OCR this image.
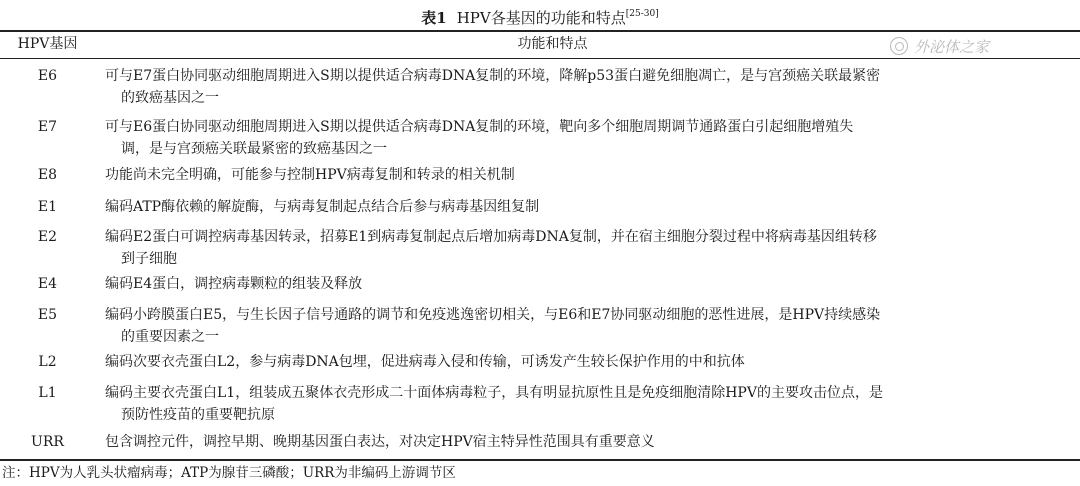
表1 HPV各基因的功能和特点[25-30]
HPV基因	功能和特点	外泌体之家
E6	可与E7蛋白协同驱动细胞周期进入S期以提供适合病毒DNA复制的环境，降解p53蛋白避免细胞凋亡，是与宫颈癌关联最紧密
的致癌基因之一
E7	可与E6蛋白协同驱动细胞周期进入S期以提供适合病毒DNA复制的环境，靶向多个细胞周期调节通路蛋白引起细胞增殖失
调，是与宫颈癌关联最紧密的致癌基因之一
E8	功能尚未完全明确，可能参与控制HPV病毒复制和转录的相关机制
E1	编码ATP酶依赖的解旋酶，与病毒复制起点结合后参与病毒基因组复制
E2	编码E2蛋白可调控病毒基因转录，招募E1到病毒复制起点后增加病毒DNA复制，并在宿主细胞分裂过程中将病毒基因组转移
到子细胞
E4	编码E4蛋白，调控病毒颗粒的组装及释放
E5	编码小跨膜蛋白E5，与生长因子信号通路的调节和免疫逃逸密切相关，与E6和E7协同驱动细胞的恶性进展，是HPV持续感染
的重要因素之一
L2	编码次要衣壳蛋白L2，参与病毒DNA包埋，促进病毒入侵和传输，可诱发产生较长保护作用的中和抗体
L1	编码主要衣壳蛋白L1，组装成五聚体衣壳形成二十面体病毒粒子，具有明显抗原性且是免疫细胞清除HPV的主要攻击位点，是
预防性疫苗的重要靶抗原
URR	包含调控元件，调控早期、晚期基因蛋白表达，对决定HPV宿主特异性范围具有重要意义
注：HPV为人乳头状瘤病毒；ATP为腺苷三磷酸；URR为非编码上游调节区
